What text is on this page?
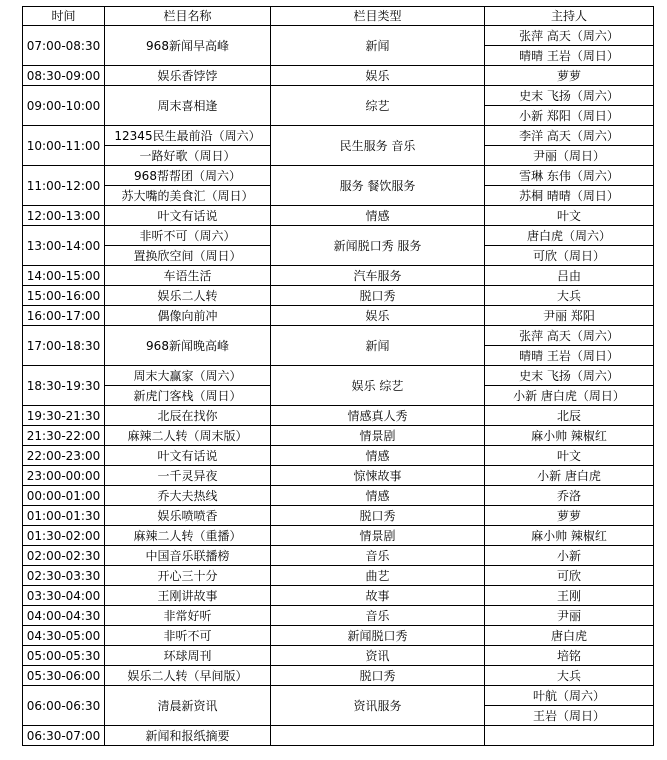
时间	栏目名称	栏目类型	主持人
07:00-08:30	968新闻早高峰	新闻	张萍 高天（周六）
			晴晴 王岩（周日）
08:30-09:00	娱乐香饽饽	娱乐	萝萝
09:00-10:00	周末喜相逢	综艺	史末 飞扬（周六）
			小新 郑阳（周日）
10:00-11:00	12345民生最前沿（周六）	民生服务 音乐	李洋 高天（周六）
	一路好歌（周日）		尹丽（周日）
11:00-12:00	968帮帮团（周六）	服务 餐饮服务	雪琳 东伟（周六）
	苏大嘴的美食汇（周日）		苏桐 晴晴（周日）
12:00-13:00	叶文有话说	情感	叶文
13:00-14:00	非听不可（周六）	新闻脱口秀 服务	唐白虎（周六）
	置换欣空间（周日）		可欣（周日）
14:00-15:00	车语生活	汽车服务	吕由
15:00-16:00	娱乐二人转	脱口秀	大兵
16:00-17:00	偶像向前冲	娱乐	尹丽 郑阳
17:00-18:30	968新闻晚高峰	新闻	张萍 高天（周六）
			晴晴 王岩（周日）
18:30-19:30	周末大赢家（周六）	娱乐 综艺	史末 飞扬（周六）
	新虎门客栈（周日）		小新 唐白虎（周日）
19:30-21:30	北辰在找你	情感真人秀	北辰
21:30-22:00	麻辣二人转（周末版）	情景剧	麻小帅 辣椒红
22:00-23:00	叶文有话说	情感	叶文
23:00-00:00	一千灵异夜	惊悚故事	小新 唐白虎
00:00-01:00	乔大夫热线	情感	乔洛
01:00-01:30	娱乐喷喷香	脱口秀	萝萝
01:30-02:00	麻辣二人转（重播）	情景剧	麻小帅 辣椒红
02:00-02:30	中国音乐联播榜	音乐	小新
02:30-03:30	开心三十分	曲艺	可欣
03:30-04:00	王刚讲故事	故事	王刚
04:00-04:30	非常好听	音乐	尹丽
04:30-05:00	非听不可	新闻脱口秀	唐白虎
05:00-05:30	环球周刊	资讯	培铭
05:30-06:00	娱乐二人转（早间版）	脱口秀	大兵
06:00-06:30	清晨新资讯	资讯服务	叶航（周六）
			王岩（周日）
06:30-07:00	新闻和报纸摘要		
